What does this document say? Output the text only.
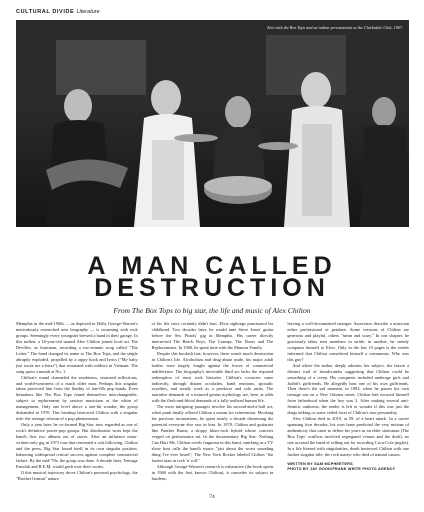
CULTURAL DIVIDE Literature
Alex with the Box Tops and an indian percussionist at the Clarksdale Club, 1967.
A MAN CALLED
DESTRUCTION
From The Box Tops to big star, the life and music of Alex Chilton

Memphis in the mid-1960s — as depicted in Holly George-Warren's meticulously researched new biography — is swarming with rock groups. Seemingly every youngster brewed a band in their garage. In this milieu, a 16-year-old named Alex Chilton joined local act The Devilles, as frontman, recording a two-minute song called "The Letter." The band changed its name to The Box Tops, and the single abruptly exploded, propelled by a zippy hook and lyrics ("My baby just wrote me a letter") that resonated with soldiers in Vietnam. The song spent a month at No. 1.

Chilton's sound channeled the smokiness, seasoned inflections, and world-weariness of a much older man. Perhaps this singular talent protected him from the fluidity of late-60s pop bands. Even hitmakers like The Box Tops found themselves interchangeable, subject to replacement by session musicians at the whim of management. Only one level above a one-hit wonder, the group disbanded in 1970. This breakup bestowed Chilton with a singular title: the teenage veteran of a pop phenomenon.

Only a year later, he co-formed Big Star, now regarded as one of rock's definitive power-pop groups. But distribution woes kept the band's first two albums out of stores. After an influence mass-written-only gig in 1973 tour that cemented a cult following, Chilton and the press, Big Star found itself in its own singular position, balancing widespread critical success against complete commercial failure. By the mid-'70s, the group was done. A decade later, Teenage Fanclub and R.E.M. would gush over their works.

If this musical trajectory drove Chilton's personal psychology, the "Brother Grimm" nature

of his life story certainly didn't hurt. Elvis sightings punctuated his childhood. Two decades later, he would tune Steve Jones' guitar before the Sex Pistols' gig in Memphis. His career directly intersected The Beach Boys, The Cramps, The Doors and The Replacements. In 1968, he spent time with the Manson Family.

Despite this bookish fate, however, there wasn't much destruction in Chilton's life. Alcoholism and drug abuse aside, his major adult battles were largely fought against the forces of commercial indifference. The biography's inevitable third act lacks the required redemption of most rock histories. Chilton's victories came indirectly, through distant accolades, band reunions, sporadic royalties, and steady work as a producer and solo artist. The narrative demands of a tortured genius mythology are, here, at odds with the flesh-and-blood demands of a fully realized human life.

The most intriguing passages involve his second-and-a-half act, when punk finally offered Chilton a means for reinvention. Mocking his previous incarnations, he spent nearly a decade dismissing the potential everyone else saw in him. In 1978, Chilton and guitarists like Panther Burns, a sloppy blues-rock hybrid whose concerts verged on performance art. In the documentary Big Star: Nothing Can Hurt Me, Chilton revels fragment in this band, smirking as a TV show host calls the band's music "just about the worst sounding thing I've ever heard"; The New York Rocker labeled Chilton "the laziest man in rock 'n' roll."

Although George-Warren's research is exhaustive (the book opens in 1960 with the first known Chilton), it concedes its subject in burdens,

leaving a well-documented stranger. Associates describe a musician either professional or petulant. Some versions of Chilton are generous and playful, others "mean and scary." In one chapter, he graciously takes teen members in stride; in another, he sternly compares himself to Elvis. Only in the last 10 pages is the reader informed that Chilton considered himself a communist. Who was this guy?

And where the author deeply admires her subject, she leaves a distinct trail of breadcrumbs suggesting that Chilton could be something of a creep. His conquests included underage girls and Judith's girlfriends. He allegedly beat one of his own girlfriends. Then there's the sad moment, in 1982, when he passes his own teenage son on a New Orleans street; Chilton had excused himself from fatherhood when the boy was 2. After making several anti-Semitic outbursts, the reader is left to wonder if this was just the drugs talking or some veiled facet of Chilton's true personality.

Alex Chilton died in 2010, at 59, of a heart attack. In a career spanning four decades, his own fame predicted the very notions of authenticity that came to define his years as an elder statesman (The Box Tops' conflicts involved segregated venues and the draft), no one accused the band of selling out for recording Coca-Cola jingles). In a life littered with singularities, death bestowed Chilton with one further singular title: the rock martyr who died of natural causes.

WRITTEN BY SAM MCPHEETERS
PHOTO BY JAY GOOD/FRANK WHITE PHOTO AGENCY
74
